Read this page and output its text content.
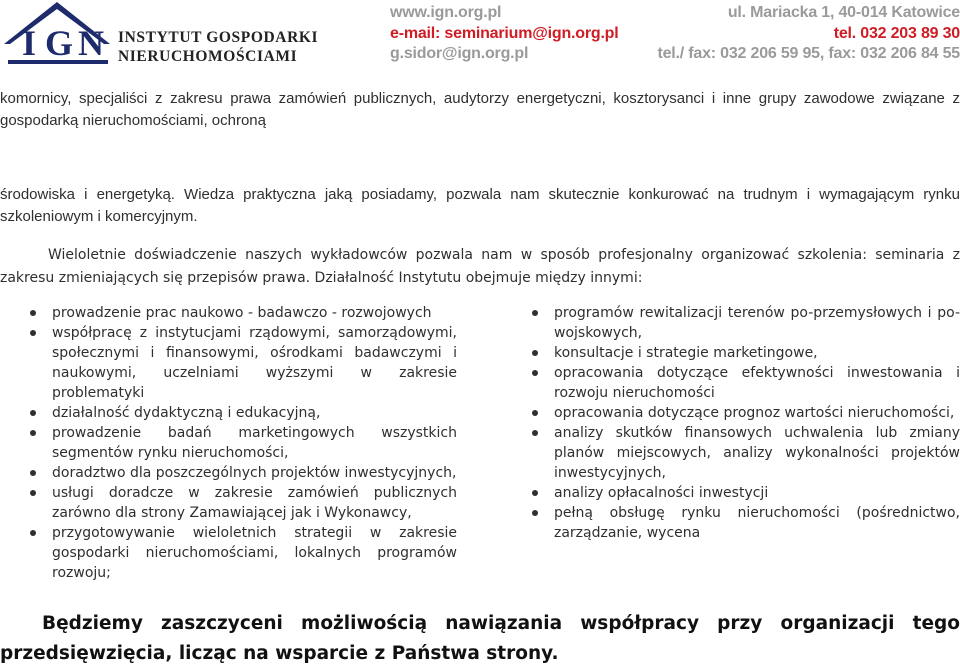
I G N INSTYTUT GOSPODARKI
NIERUCHOMOŚCIAMI
www.ign.org.pl
e-mail: seminarium@ign.org.pl
g.sidor@ign.org.pl
ul. Mariacka 1, 40-014 Katowice
tel. 032 203 89 30
tel./ fax: 032 206 59 95, fax: 032 206 84 55
komornicy, specjaliści z zakresu prawa zamówień publicznych, audytorzy energetyczni, kosztorysanci i inne grupy zawodowe związane z gospodarką nieruchomościami, ochroną
środowiska i energetyką. Wiedza praktyczna jaką posiadamy, pozwala nam skutecznie konkurować na trudnym i wymagającym rynku szkoleniowym i komercyjnym.
Wieloletnie doświadczenie naszych wykładowców pozwala nam w sposób profesjonalny organizować szkolenia: seminaria z zakresu zmieniających się przepisów prawa. Działalność Instytutu obejmuje między innymi:
prowadzenie prac naukowo - badawczo - rozwojowych
współpracę z instytucjami rządowymi, samorządowymi, społecznymi i finansowymi, ośrodkami badawczymi i naukowymi, uczelniami wyższymi w zakresie problematyki
działalność dydaktyczną i edukacyjną,
prowadzenie badań marketingowych wszystkich segmentów rynku nieruchomości,
doradztwo dla poszczególnych projektów inwestycyjnych,
usługi doradcze w zakresie zamówień publicznych zarówno dla strony Zamawiającej jak i Wykonawcy,
przygotowywanie wieloletnich strategii w zakresie gospodarki nieruchomościami, lokalnych programów rozwoju;
programów rewitalizacji terenów po-przemysłowych i po-wojskowych,
konsultacje i strategie marketingowe,
opracowania dotyczące efektywności inwestowania i rozwoju nieruchomości
opracowania dotyczące prognoz wartości nieruchomości,
analizy skutków finansowych uchwalenia lub zmiany planów miejscowych, analizy wykonalności projektów inwestycyjnych,
analizy opłacalności inwestycji
pełną obsługę rynku nieruchomości (pośrednictwo, zarządzanie, wycena
Będziemy zaszczyceni możliwością nawiązania współpracy przy organizacji tego przedsięwzięcia, licząc na wsparcie z Państwa strony.
